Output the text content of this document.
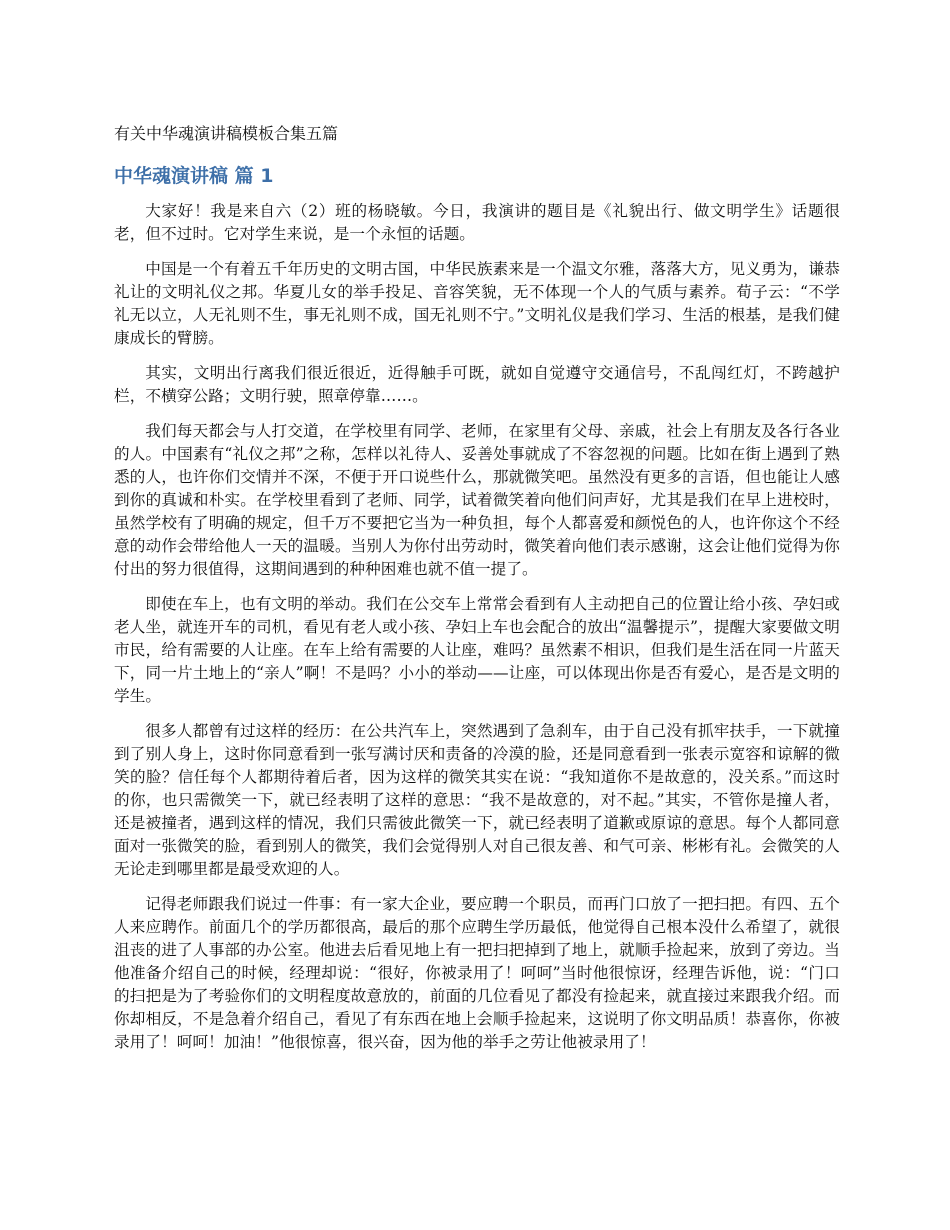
有关中华魂演讲稿模板合集五篇
中华魂演讲稿 篇 1

大家好！我是来自六（2）班的杨晓敏。今日，我演讲的题目是《礼貌出行、做文明学生》话题很老，但不过时。它对学生来说，是一个永恒的话题。

中国是一个有着五千年历史的文明古国，中华民族素来是一个温文尔雅，落落大方，见义勇为，谦恭礼让的文明礼仪之邦。华夏儿女的举手投足、音容笑貌，无不体现一个人的气质与素养。荀子云：“不学礼无以立，人无礼则不生，事无礼则不成，国无礼则不宁。”文明礼仪是我们学习、生活的根基，是我们健康成长的臂膀。

其实，文明出行离我们很近很近，近得触手可既，就如自觉遵守交通信号，不乱闯红灯，不跨越护栏，不横穿公路；文明行驶，照章停靠……。

我们每天都会与人打交道，在学校里有同学、老师，在家里有父母、亲戚，社会上有朋友及各行各业的人。中国素有“礼仪之邦”之称，怎样以礼待人、妥善处事就成了不容忽视的问题。比如在街上遇到了熟悉的人，也许你们交情并不深，不便于开口说些什么，那就微笑吧。虽然没有更多的言语，但也能让人感到你的真诚和朴实。在学校里看到了老师、同学，试着微笑着向他们问声好，尤其是我们在早上进校时，虽然学校有了明确的规定，但千万不要把它当为一种负担，每个人都喜爱和颜悦色的人，也许你这个不经意的动作会带给他人一天的温暖。当别人为你付出劳动时，微笑着向他们表示感谢，这会让他们觉得为你付出的努力很值得，这期间遇到的种种困难也就不值一提了。

即使在车上，也有文明的举动。我们在公交车上常常会看到有人主动把自己的位置让给小孩、孕妇或老人坐，就连开车的司机，看见有老人或小孩、孕妇上车也会配合的放出“温馨提示”，提醒大家要做文明市民，给有需要的人让座。在车上给有需要的人让座，难吗？虽然素不相识，但我们是生活在同一片蓝天下，同一片土地上的“亲人”啊！不是吗？小小的举动——让座，可以体现出你是否有爱心，是否是文明的学生。

很多人都曾有过这样的经历：在公共汽车上，突然遇到了急刹车，由于自己没有抓牢扶手，一下就撞到了别人身上，这时你同意看到一张写满讨厌和责备的冷漠的脸，还是同意看到一张表示宽容和谅解的微笑的脸？信任每个人都期待着后者，因为这样的微笑其实在说：“我知道你不是故意的，没关系。”而这时的你，也只需微笑一下，就已经表明了这样的意思：“我不是故意的，对不起。”其实，不管你是撞人者，还是被撞者，遇到这样的情况，我们只需彼此微笑一下，就已经表明了道歉或原谅的意思。每个人都同意面对一张微笑的脸，看到别人的微笑，我们会觉得别人对自己很友善、和气可亲、彬彬有礼。会微笑的人无论走到哪里都是最受欢迎的人。

记得老师跟我们说过一件事：有一家大企业，要应聘一个职员，而再门口放了一把扫把。有四、五个人来应聘作。前面几个的学历都很高，最后的那个应聘生学历最低，他觉得自己根本没什么希望了，就很沮丧的进了人事部的办公室。他进去后看见地上有一把扫把掉到了地上，就顺手捡起来，放到了旁边。当他准备介绍自己的时候，经理却说：“很好，你被录用了！呵呵”当时他很惊讶，经理告诉他，说：“门口的扫把是为了考验你们的文明程度故意放的，前面的几位看见了都没有捡起来，就直接过来跟我介绍。而你却相反，不是急着介绍自己，看见了有东西在地上会顺手捡起来，这说明了你文明品质！恭喜你，你被录用了！呵呵！加油！”他很惊喜，很兴奋，因为他的举手之劳让他被录用了！
